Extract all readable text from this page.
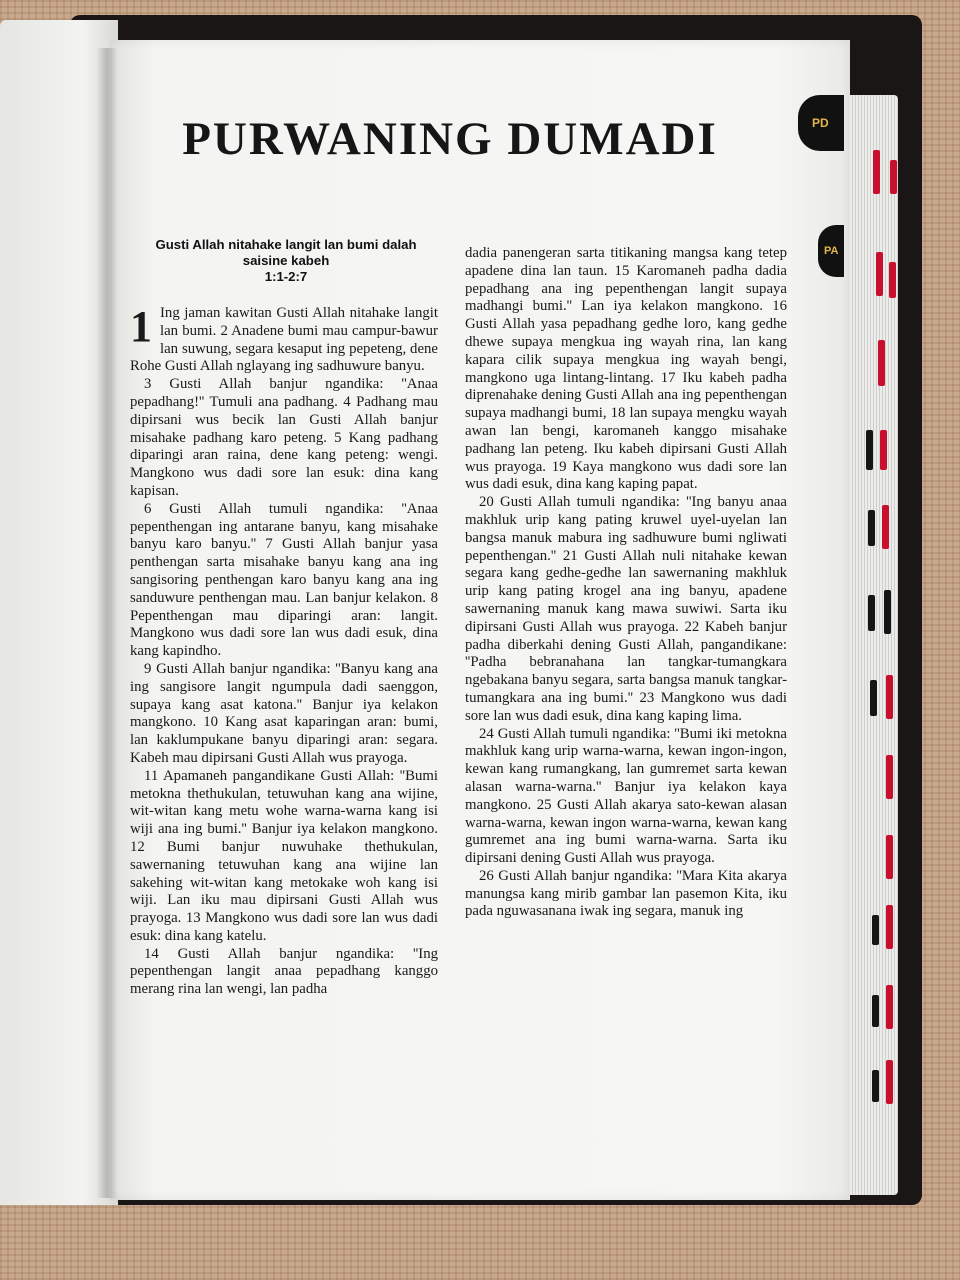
PD
PA
PURWANING DUMADI
Gusti Allah nitahake langit lan bumi dalah saisine kabeh
1:1-2:7

1 Ing jaman kawitan Gusti Allah nitahake langit lan bumi. 2 Anadene bumi mau campur-bawur lan suwung, segara kesaput ing pepeteng, dene Rohe Gusti Allah nglayang ing sadhuwure banyu.

3 Gusti Allah banjur ngandika: ''Anaa pepadhang!'' Tumuli ana padhang. 4 Padhang mau dipirsani wus becik lan Gusti Allah banjur misahake padhang karo peteng. 5 Kang padhang diparingi aran raina, dene kang peteng: wengi. Mangkono wus dadi sore lan esuk: dina kang kapisan.

6 Gusti Allah tumuli ngandika: ''Anaa pepenthengan ing antarane banyu, kang misahake banyu karo banyu.'' 7 Gusti Allah banjur yasa penthengan sarta misahake banyu kang ana ing sangisoring penthengan karo banyu kang ana ing sanduwure penthengan mau. Lan banjur kelakon. 8 Pepenthengan mau diparingi aran: langit. Mangkono wus dadi sore lan wus dadi esuk, dina kang kapindho.

9 Gusti Allah banjur ngandika: ''Banyu kang ana ing sangisore langit ngumpula dadi saenggon, supaya kang asat katona.'' Banjur iya kelakon mangkono. 10 Kang asat kaparingan aran: bumi, lan kaklumpukane banyu diparingi aran: segara. Kabeh mau dipirsani Gusti Allah wus prayoga.

11 Apamaneh pangandikane Gusti Allah: ''Bumi metokna thethukulan, tetuwuhan kang ana wijine, wit-witan kang metu wohe warna-warna kang isi wiji ana ing bumi.'' Banjur iya kelakon mangkono. 12 Bumi banjur nuwuhake thethukulan, sawernaning tetuwuhan kang ana wijine lan sakehing wit-witan kang metokake woh kang isi wiji. Lan iku mau dipirsani Gusti Allah wus prayoga. 13 Mangkono wus dadi sore lan wus dadi esuk: dina kang katelu.

14 Gusti Allah banjur ngandika: ''Ing pepenthengan langit anaa pepadhang kanggo merang rina lan wengi, lan padha

dadia panengeran sarta titikaning mangsa kang tetep apadene dina lan taun. 15 Karomaneh padha dadia pepadhang ana ing pepenthengan langit supaya madhangi bumi.'' Lan iya kelakon mangkono. 16 Gusti Allah yasa pepadhang gedhe loro, kang gedhe dhewe supaya mengkua ing wayah rina, lan kang kapara cilik supaya mengkua ing wayah bengi, mangkono uga lintang-lintang. 17 Iku kabeh padha diprenahake dening Gusti Allah ana ing pepenthengan supaya madhangi bumi, 18 lan supaya mengku wayah awan lan bengi, karomaneh kanggo misahake padhang lan peteng. Iku kabeh dipirsani Gusti Allah wus prayoga. 19 Kaya mangkono wus dadi sore lan wus dadi esuk, dina kang kaping papat.

20 Gusti Allah tumuli ngandika: ''Ing banyu anaa makhluk urip kang pating kruwel uyel-uyelan lan bangsa manuk mabura ing sadhuwure bumi ngliwati pepenthengan.'' 21 Gusti Allah nuli nitahake kewan segara kang gedhe-gedhe lan sawernaning makhluk urip kang pating krogel ana ing banyu, apadene sawernaning manuk kang mawa suwiwi. Sarta iku dipirsani Gusti Allah wus prayoga. 22 Kabeh banjur padha diberkahi dening Gusti Allah, pangandikane: ''Padha bebranahana lan tangkar-tumangkara ngebakana banyu segara, sarta bangsa manuk tangkar-tumangkara ana ing bumi.'' 23 Mangkono wus dadi sore lan wus dadi esuk, dina kang kaping lima.

24 Gusti Allah tumuli ngandika: ''Bumi iki metokna makhluk kang urip warna-warna, kewan ingon-ingon, kewan kang rumangkang, lan gumremet sarta kewan alasan warna-warna.'' Banjur iya kelakon kaya mangkono. 25 Gusti Allah akarya sato-kewan alasan warna-warna, kewan ingon warna-warna, kewan kang gumremet ana ing bumi warna-warna. Sarta iku dipirsani dening Gusti Allah wus prayoga.

26 Gusti Allah banjur ngandika: ''Mara Kita akarya manungsa kang mirib gambar lan pasemon Kita, iku pada nguwasanana iwak ing segara, manuk ing
